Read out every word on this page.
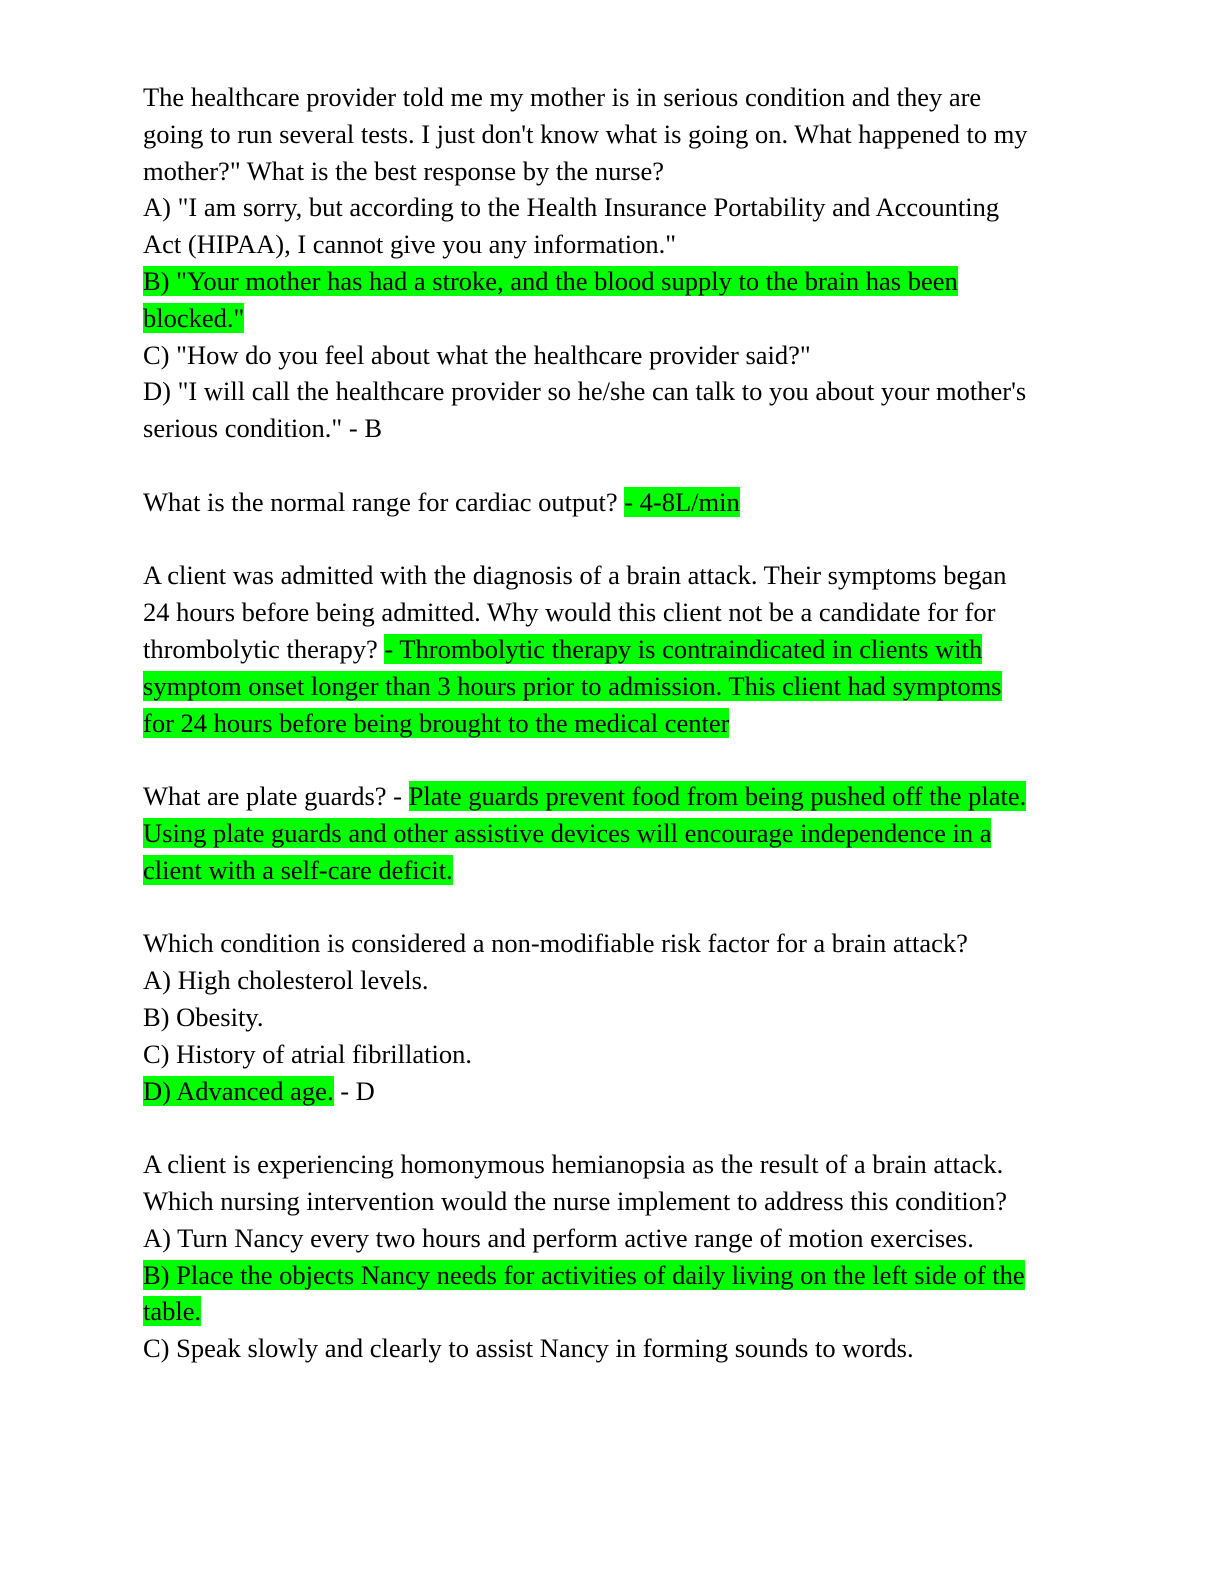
The healthcare provider told me my mother is in serious condition and they are
going to run several tests. I just don't know what is going on. What happened to my
mother?" What is the best response by the nurse?
A) "I am sorry, but according to the Health Insurance Portability and Accounting
Act (HIPAA), I cannot give you any information."
B) "Your mother has had a stroke, and the blood supply to the brain has been
blocked."
C) "How do you feel about what the healthcare provider said?"
D) "I will call the healthcare provider so he/she can talk to you about your mother's
serious condition." - B
What is the normal range for cardiac output? - 4-8L/min
A client was admitted with the diagnosis of a brain attack. Their symptoms began
24 hours before being admitted. Why would this client not be a candidate for for
thrombolytic therapy? - Thrombolytic therapy is contraindicated in clients with
symptom onset longer than 3 hours prior to admission. This client had symptoms
for 24 hours before being brought to the medical center
What are plate guards? - Plate guards prevent food from being pushed off the plate.
Using plate guards and other assistive devices will encourage independence in a
client with a self-care deficit.
Which condition is considered a non-modifiable risk factor for a brain attack?
A) High cholesterol levels.
B) Obesity.
C) History of atrial fibrillation.
D) Advanced age. - D
A client is experiencing homonymous hemianopsia as the result of a brain attack.
Which nursing intervention would the nurse implement to address this condition?
A) Turn Nancy every two hours and perform active range of motion exercises.
B) Place the objects Nancy needs for activities of daily living on the left side of the
table.
C) Speak slowly and clearly to assist Nancy in forming sounds to words.
